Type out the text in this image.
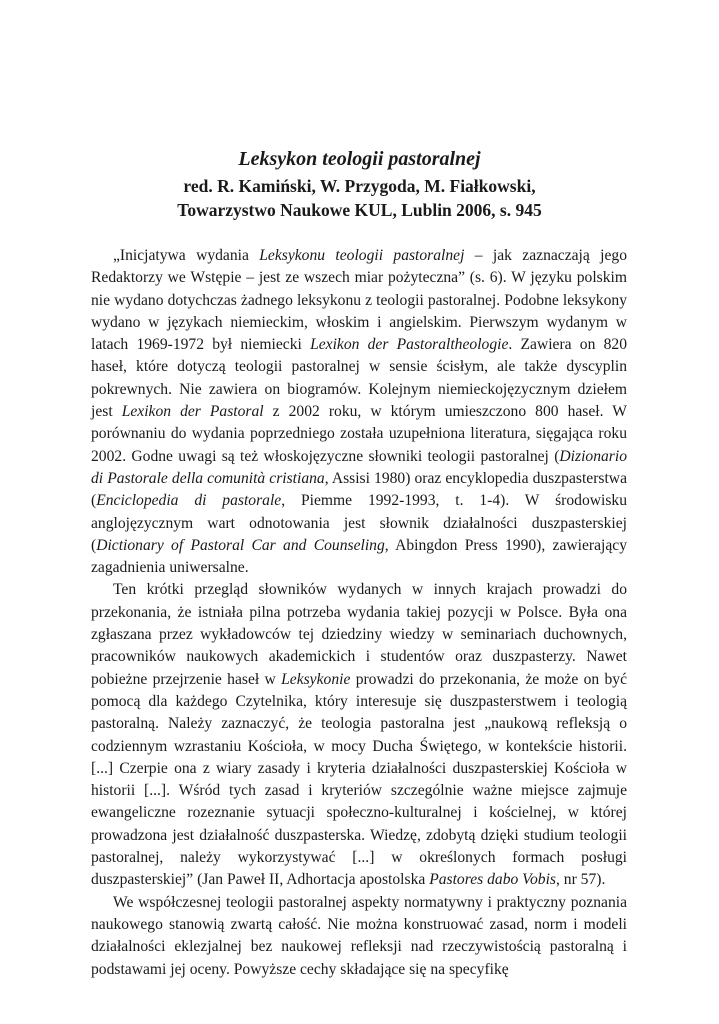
Leksykon teologii pastoralnej
red. R. Kamiński, W. Przygoda, M. Fiałkowski,
Towarzystwo Naukowe KUL, Lublin 2006, s. 945

„Inicjatywa wydania Leksykonu teologii pastoralnej – jak zaznaczają jego Redaktorzy we Wstępie – jest ze wszech miar pożyteczna” (s. 6). W języku polskim nie wydano dotychczas żadnego leksykonu z teologii pastoralnej. Podobne leksykony wydano w językach niemieckim, włoskim i angielskim. Pierwszym wydanym w latach 1969-1972 był niemiecki Lexikon der Pastoraltheologie. Zawiera on 820 haseł, które dotyczą teologii pastoralnej w sensie ścisłym, ale także dyscyplin pokrewnych. Nie zawiera on biogramów. Kolejnym niemieckojęzycznym dziełem jest Lexikon der Pastoral z 2002 roku, w którym umieszczono 800 haseł. W porównaniu do wydania poprzedniego została uzupełniona literatura, sięgająca roku 2002. Godne uwagi są też włoskojęzyczne słowniki teologii pastoralnej (Dizionario di Pastorale della comunità cristiana, Assisi 1980) oraz encyklopedia duszpasterstwa (Enciclopedia di pastorale, Piemme 1992-1993, t. 1-4). W środowisku anglojęzycznym wart odnotowania jest słownik działalności duszpasterskiej (Dictionary of Pastoral Car and Counseling, Abingdon Press 1990), zawierający zagadnienia uniwersalne.

Ten krótki przegląd słowników wydanych w innych krajach prowadzi do przekonania, że istniała pilna potrzeba wydania takiej pozycji w Polsce. Była ona zgłaszana przez wykładowców tej dziedziny wiedzy w seminariach duchownych, pracowników naukowych akademickich i studentów oraz duszpasterzy. Nawet pobieżne przejrzenie haseł w Leksykonie prowadzi do przekonania, że może on być pomocą dla każdego Czytelnika, który interesuje się duszpasterstwem i teologią pastoralną. Należy zaznaczyć, że teologia pastoralna jest „naukową refleksją o codziennym wzrastaniu Kościoła, w mocy Ducha Świętego, w kontekście historii. [...] Czerpie ona z wiary zasady i kryteria działalności duszpasterskiej Kościoła w historii [...]. Wśród tych zasad i kryteriów szczególnie ważne miejsce zajmuje ewangeliczne rozeznanie sytuacji społeczno-kulturalnej i kościelnej, w której prowadzona jest działalność duszpasterska. Wiedzę, zdobytą dzięki studium teologii pastoralnej, należy wykorzystywać [...] w określonych formach posługi duszpasterskiej” (Jan Paweł II, Adhortacja apostolska Pastores dabo Vobis, nr 57).

We współczesnej teologii pastoralnej aspekty normatywny i praktyczny poznania naukowego stanowią zwartą całość. Nie można konstruować zasad, norm i modeli działalności eklezjalnej bez naukowej refleksji nad rzeczywistością pastoralną i podstawami jej oceny. Powyższe cechy składające się na specyfikę
